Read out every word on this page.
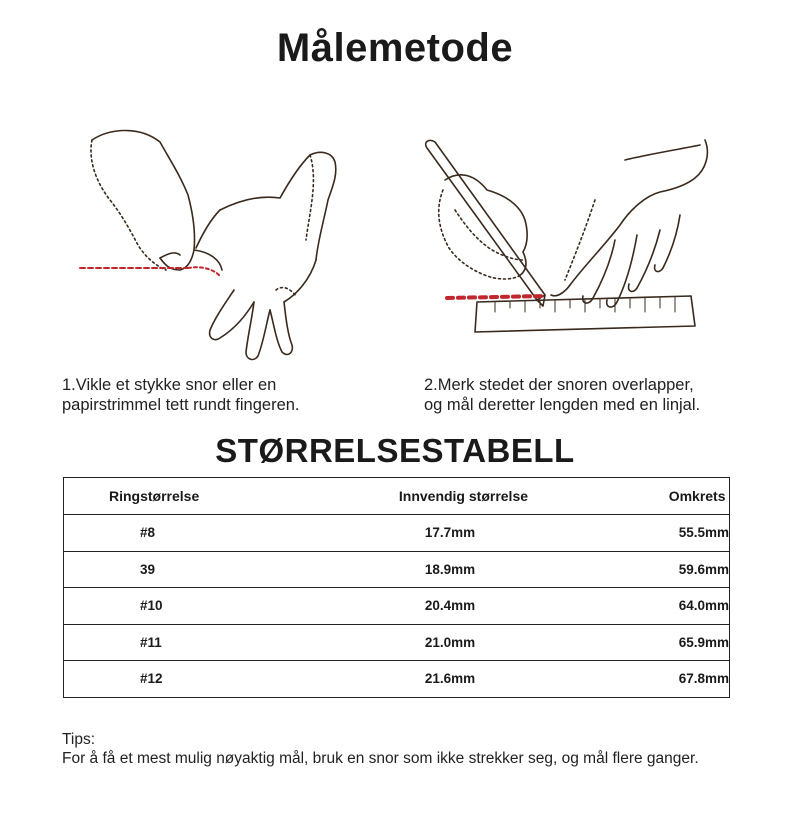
Målemetode
1.Vikle et stykke snor eller en
papirstrimmel tett rundt fingeren.
2.Merk stedet der snoren overlapper,
og mål deretter lengden med en linjal.
STØRRELSESTABELL
Ringstørrelse	Innvendig størrelse	Omkrets
#8	17.7mm	55.5mm
39	18.9mm	59.6mm
#10	20.4mm	64.0mm
#11	21.0mm	65.9mm
#12	21.6mm	67.8mm
Tips:
For å få et mest mulig nøyaktig mål, bruk en snor som ikke strekker seg, og mål flere ganger.
